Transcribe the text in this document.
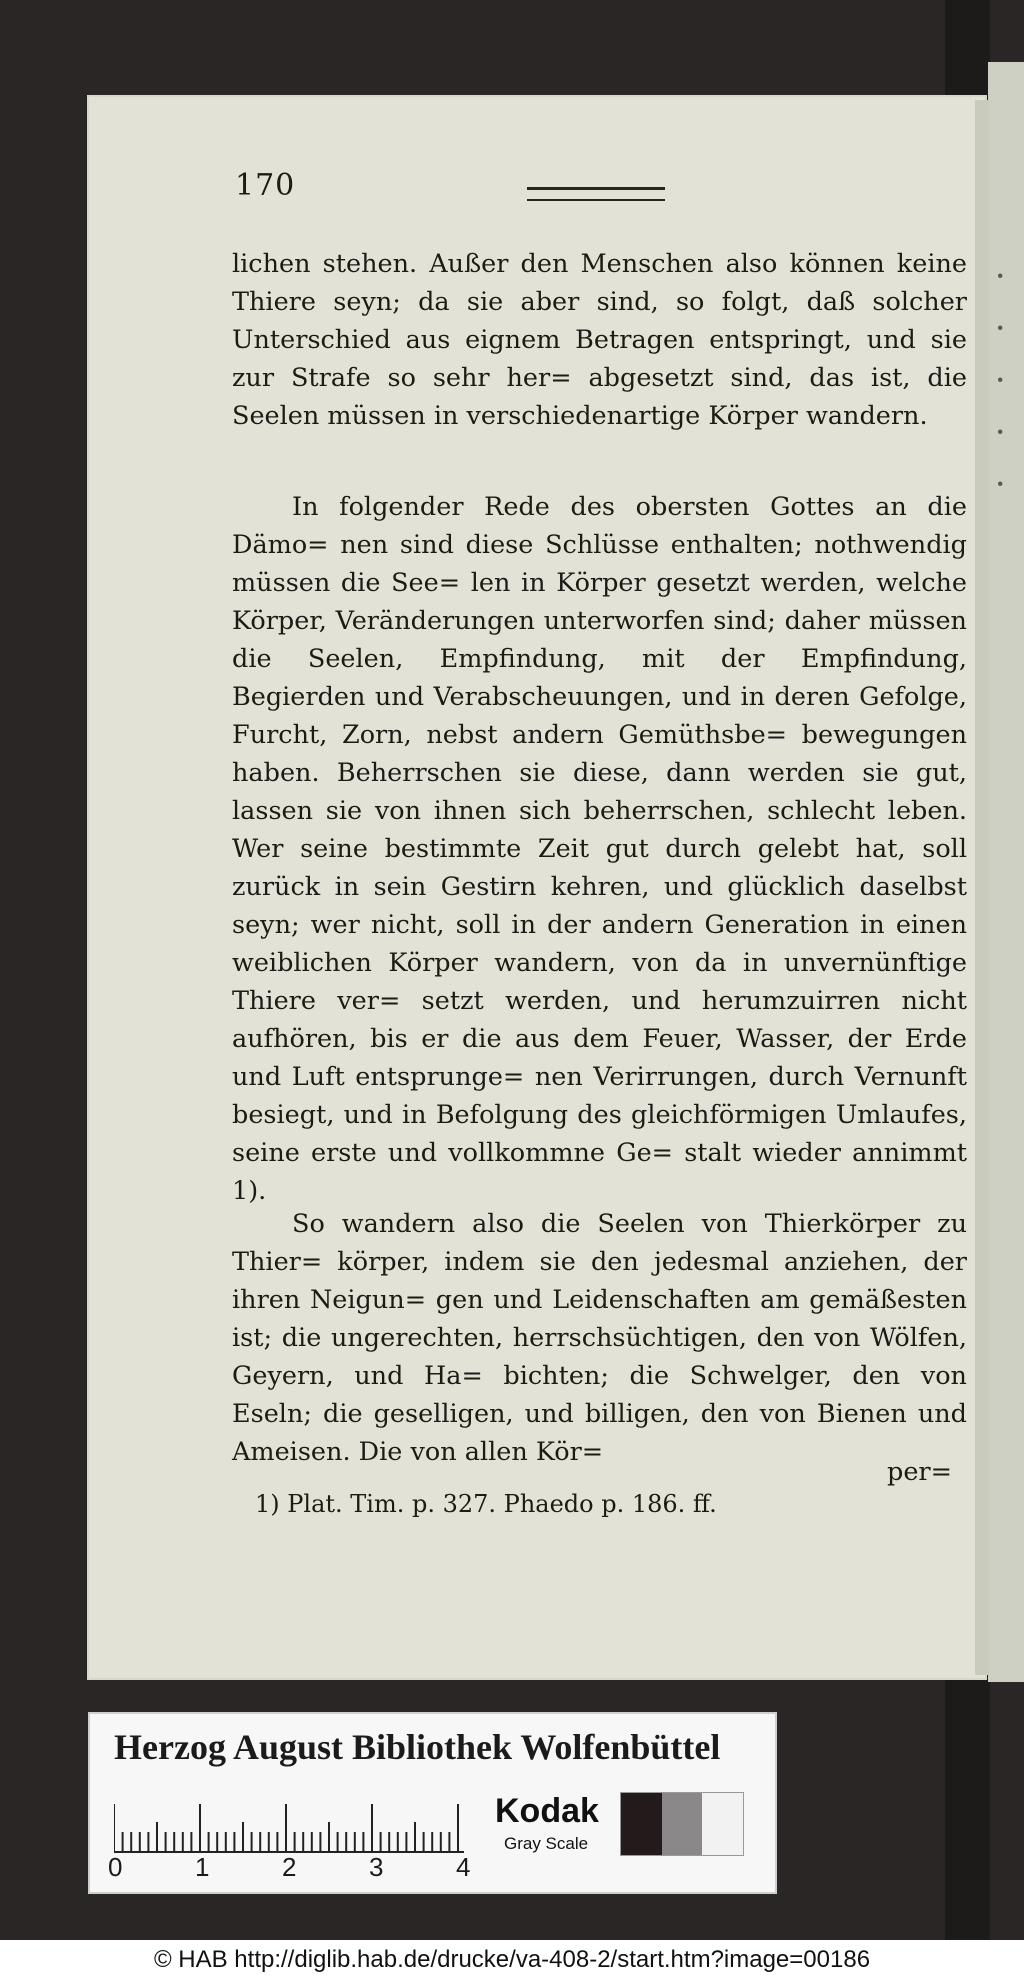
·
·
·
·
·
170

lichen stehen. Außer den Menschen also können keine Thiere seyn; da sie aber sind, so folgt, daß solcher Unterschied aus eignem Betragen entspringt, und sie zur Strafe so sehr her= abgesetzt sind, das ist, die Seelen müssen in verschiedenartige Körper wandern.

In folgender Rede des obersten Gottes an die Dämo= nen sind diese Schlüsse enthalten; nothwendig müssen die See= len in Körper gesetzt werden, welche Körper, Veränderungen unterworfen sind; daher müssen die Seelen, Empfindung, mit der Empfindung, Begierden und Verabscheuungen, und in deren Gefolge, Furcht, Zorn, nebst andern Gemüthsbe= bewegungen haben. Beherrschen sie diese, dann werden sie gut, lassen sie von ihnen sich beherrschen, schlecht leben. Wer seine bestimmte Zeit gut durch gelebt hat, soll zurück in sein Gestirn kehren, und glücklich daselbst seyn; wer nicht, soll in der andern Generation in einen weiblichen Körper wandern, von da in unvernünftige Thiere ver= setzt werden, und herumzuirren nicht aufhören, bis er die aus dem Feuer, Wasser, der Erde und Luft entsprunge= nen Verirrungen, durch Vernunft besiegt, und in Befolgung des gleichförmigen Umlaufes, seine erste und vollkommne Ge= stalt wieder annimmt 1).

So wandern also die Seelen von Thierkörper zu Thier= körper, indem sie den jedesmal anziehen, der ihren Neigun= gen und Leidenschaften am gemäßesten ist; die ungerechten, herrschsüchtigen, den von Wölfen, Geyern, und Ha= bichten; die Schwelger, den von Eseln; die geselligen, und billigen, den von Bienen und Ameisen. Die von allen Kör=

per=
1) Plat. Tim. p. 327. Phaedo p. 186. ff.
Herzog August Bibliothek Wolfenbüttel
0	1	2	3	4
Kodak
Gray Scale
© HAB http://diglib.hab.de/drucke/va-408-2/start.htm?image=00186
